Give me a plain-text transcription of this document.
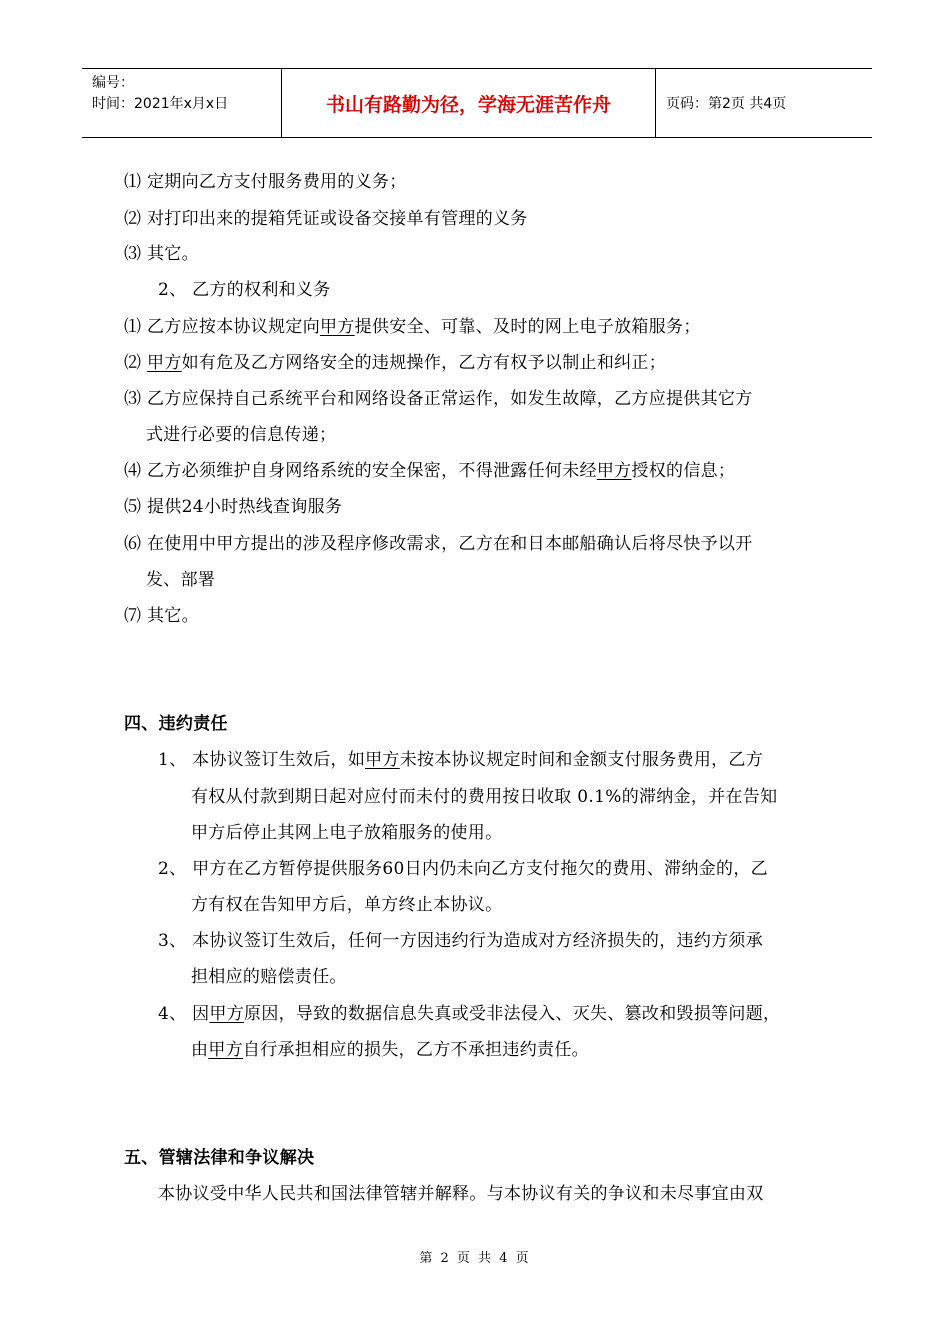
编号：
时间：2021年x月x日	书山有路勤为径，学海无涯苦作舟	页码：第2页 共4页
⑴ 定期向乙方支付服务费用的义务；
⑵ 对打印出来的提箱凭证或设备交接单有管理的义务
⑶ 其它。
2、 乙方的权利和义务
⑴ 乙方应按本协议规定向甲方提供安全、可靠、及时的网上电子放箱服务；
⑵ 甲方如有危及乙方网络安全的违规操作，乙方有权予以制止和纠正；
⑶ 乙方应保持自己系统平台和网络设备正常运作，如发生故障，乙方应提供其它方
式进行必要的信息传递；
⑷ 乙方必须维护自身网络系统的安全保密，不得泄露任何未经甲方授权的信息；
⑸ 提供24小时热线查询服务
⑹ 在使用中甲方提出的涉及程序修改需求，乙方在和日本邮船确认后将尽快予以开
发、部署
⑺ 其它。
四、违约责任
1、 本协议签订生效后，如甲方未按本协议规定时间和金额支付服务费用，乙方
有权从付款到期日起对应付而未付的费用按日收取 0.1%的滞纳金，并在告知
甲方后停止其网上电子放箱服务的使用。
2、 甲方在乙方暂停提供服务60日内仍未向乙方支付拖欠的费用、滞纳金的，乙
方有权在告知甲方后，单方终止本协议。
3、 本协议签订生效后，任何一方因违约行为造成对方经济损失的，违约方须承
担相应的赔偿责任。
4、 因甲方原因，导致的数据信息失真或受非法侵入、灭失、篡改和毁损等问题，
由甲方自行承担相应的损失，乙方不承担违约责任。
五、管辖法律和争议解决
本协议受中华人民共和国法律管辖并解释。与本协议有关的争议和未尽事宜由双
第 2 页 共 4 页
